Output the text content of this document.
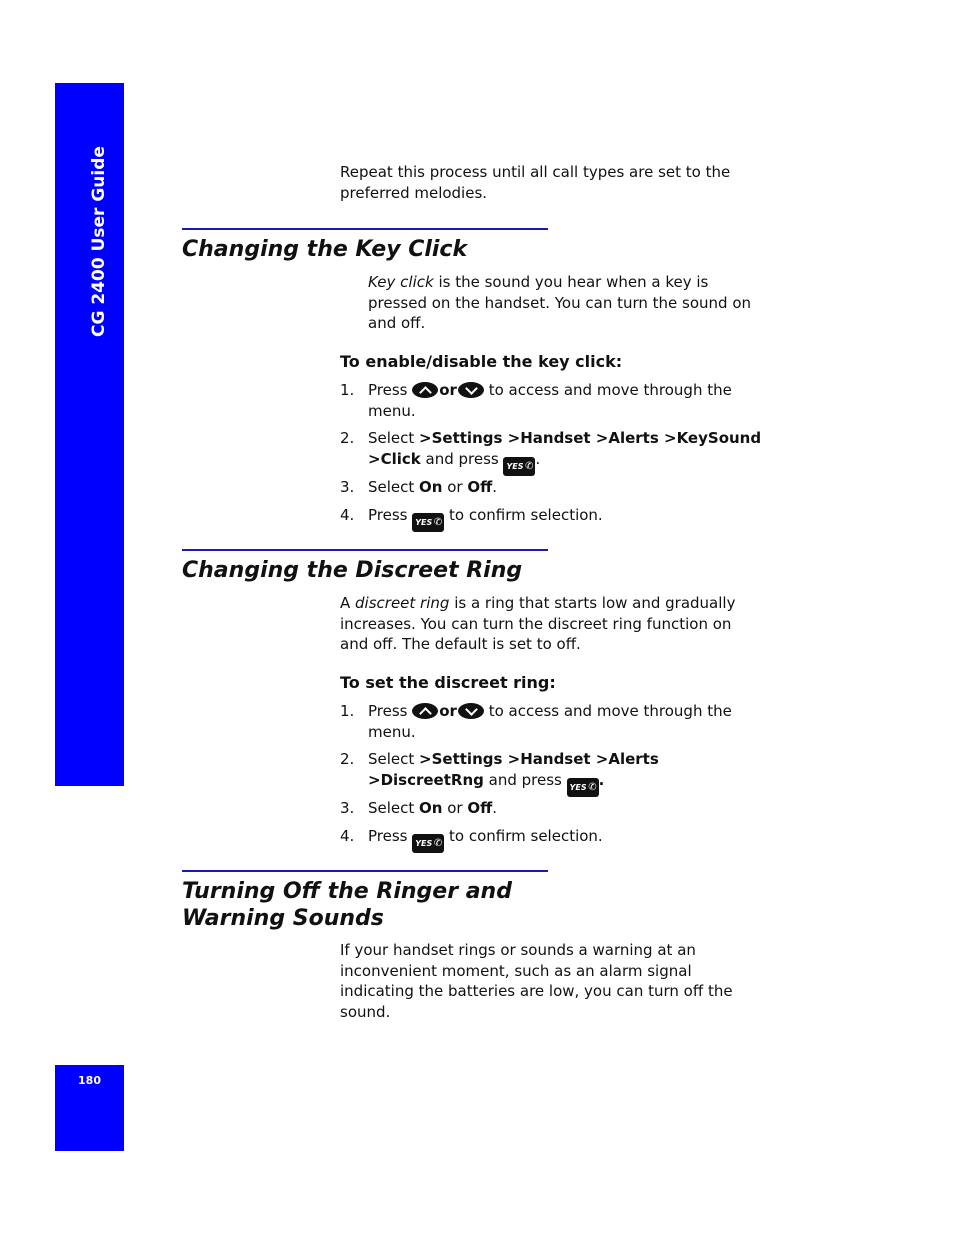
CG 2400 User Guide
180

Repeat this process until all call types are set to the preferred melodies.

Changing the Key Click

Key click is the sound you hear when a key is pressed on the handset. You can turn the sound on and off.

To enable/disable the key click:
1. Press or to access and move through the menu.
2. Select >Settings >Handset >Alerts >KeySound >Click and press YES ✆ .
3. Select On or Off.
4. Press YES ✆ to confirm selection.
Changing the Discreet Ring

A discreet ring is a ring that starts low and gradually increases. You can turn the discreet ring function on and off. The default is set to off.

To set the discreet ring:
1. Press or to access and move through the menu.
2. Select >Settings >Handset >Alerts >DiscreetRng and press YES ✆ .
3. Select On or Off.
4. Press YES ✆ to confirm selection.
Turning Off the Ringer and Warning Sounds

If your handset rings or sounds a warning at an inconvenient moment, such as an alarm signal indicating the batteries are low, you can turn off the sound.
